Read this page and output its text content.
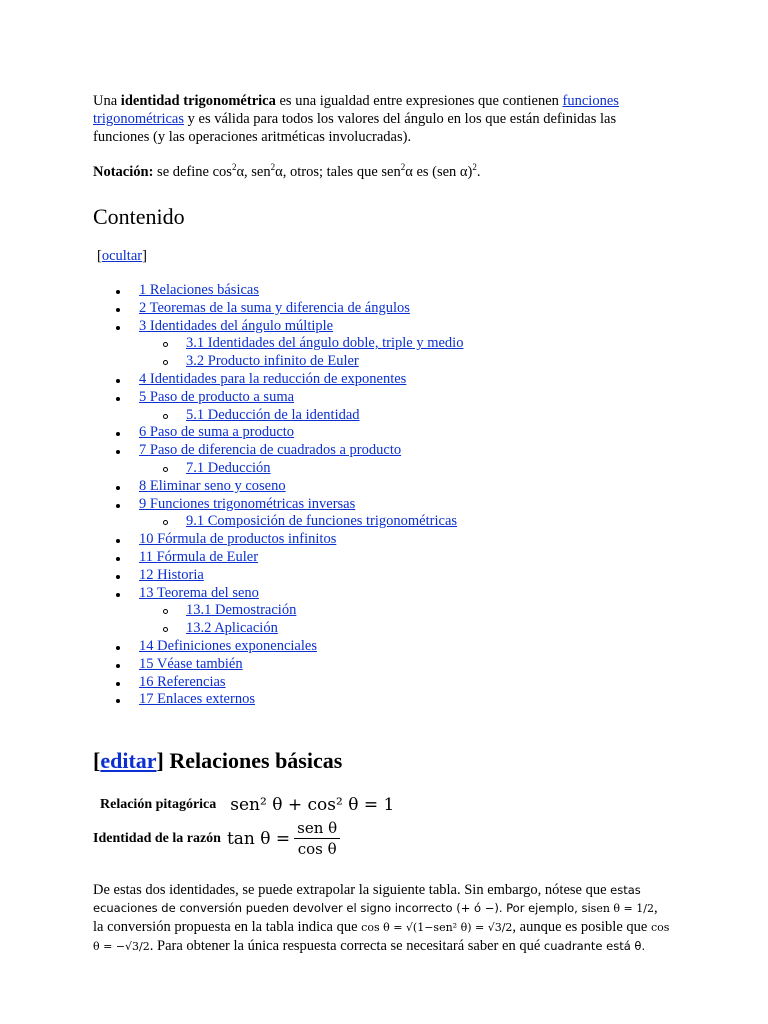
Una identidad trigonométrica es una igualdad entre expresiones que contienen funciones trigonométricas y es válida para todos los valores del ángulo en los que están definidas las funciones (y las operaciones aritméticas involucradas).

Notación: se define $\cos^2\alpha$, sen$^2$α, otros; tales que sen$^2$α es (sen α)$^2$.

Contenido
[ocultar]
1 Relaciones básicas
2 Teoremas de la suma y diferencia de ángulos
3 Identidades del ángulo múltiple
3.1 Identidades del ángulo doble, triple y medio
3.2 Producto infinito de Euler
4 Identidades para la reducción de exponentes
5 Paso de producto a suma
5.1 Deducción de la identidad
6 Paso de suma a producto
7 Paso de diferencia de cuadrados a producto
7.1 Deducción
8 Eliminar seno y coseno
9 Funciones trigonométricas inversas
9.1 Composición de funciones trigonométricas
10 Fórmula de productos infinitos
11 Fórmula de Euler
12 Historia
13 Teorema del seno
13.1 Demostración
13.2 Aplicación
14 Definiciones exponenciales
15 Véase también
16 Referencias
17 Enlaces externos
[editar] Relaciones básicas
Relación pitagórica sen² θ + cos² θ = 1
Identidad de la razón $\tan \theta = \frac{\text{sen θ}}{\text{cos θ}}$

De estas dos identidades, se puede extrapolar la siguiente tabla. Sin embargo, nótese que estas ecuaciones de conversión pueden devolver el signo incorrecto (+ ó −). Por ejemplo, sisen θ = 1/2, la conversión propuesta en la tabla indica que cos θ = √(1−sen² θ) = √3/2, aunque es posible que cos θ = −√3/2. Para obtener la única respuesta correcta se necesitará saber en qué cuadrante está θ.
